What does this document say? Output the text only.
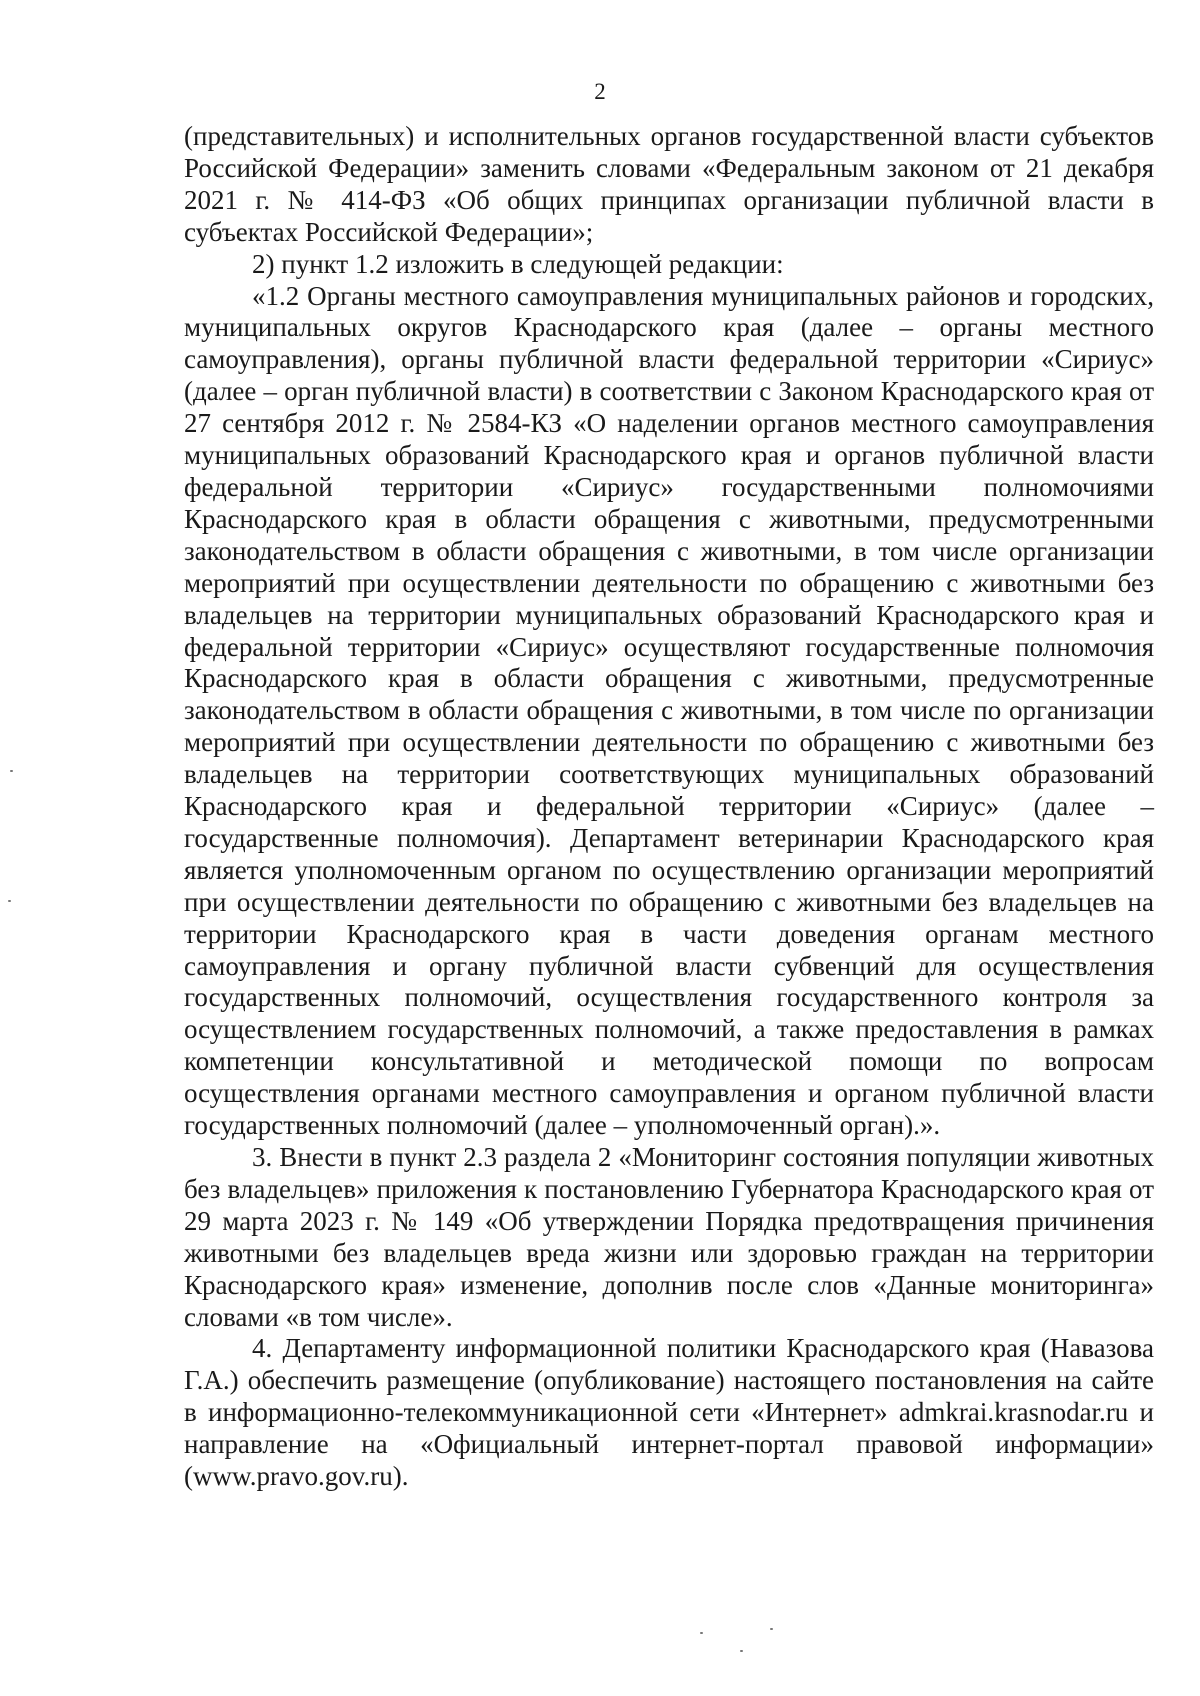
2

(представительных) и исполнительных органов государственной власти субъектов Российской Федерации» заменить словами «Федеральным законом от 21 декабря 2021 г. № 414-ФЗ «Об общих принципах организации публичной власти в субъектах Российской Федерации»;

2) пункт 1.2 изложить в следующей редакции:

«1.2 Органы местного самоуправления муниципальных районов и городских, муниципальных округов Краснодарского края (далее – органы местного самоуправления), органы публичной власти федеральной территории «Сириус» (далее – орган публичной власти) в соответствии с Законом Краснодарского края от 27 сентября 2012 г. № 2584-КЗ «О наделении органов местного самоуправления муниципальных образований Краснодарского края и органов публичной власти федеральной территории «Сириус» государственными полномочиями Краснодарского края в области обращения с животными, предусмотренными законодательством в области обращения с животными, в том числе организации мероприятий при осуществлении деятельности по обращению с животными без владельцев на территории муниципальных образований Краснодарского края и федеральной территории «Сириус» осуществляют государственные полномочия Краснодарского края в области обращения с животными, предусмотренные законодательством в области обращения с животными, в том числе по организации мероприятий при осуществлении деятельности по обращению с животными без владельцев на территории соответствующих муниципальных образований Краснодарского края и федеральной территории «Сириус» (далее – государственные полномочия). Департамент ветеринарии Краснодарского края является уполномоченным органом по осуществлению организации мероприятий при осуществлении деятельности по обращению с животными без владельцев на территории Краснодарского края в части доведения органам местного самоуправления и органу публичной власти субвенций для осуществления государственных полномочий, осуществления государственного контроля за осуществлением государственных полномочий, а также предоставления в рамках компетенции консультативной и методической помощи по вопросам осуществления органами местного самоуправления и органом публичной власти государственных полномочий (далее – уполномоченный орган).».

3. Внести в пункт 2.3 раздела 2 «Мониторинг состояния популяции животных без владельцев» приложения к постановлению Губернатора Краснодарского края от 29 марта 2023 г. № 149 «Об утверждении Порядка предотвращения причинения животными без владельцев вреда жизни или здоровью граждан на территории Краснодарского края» изменение, дополнив после слов «Данные мониторинга» словами «в том числе».

4. Департаменту информационной политики Краснодарского края (Навазова Г.А.) обеспечить размещение (опубликование) настоящего постановления на сайте в информационно-телекоммуникационной сети «Интернет» admkrai.krasnodar.ru и направление на «Официальный интернет-портал правовой информации» (www.pravo.gov.ru).
